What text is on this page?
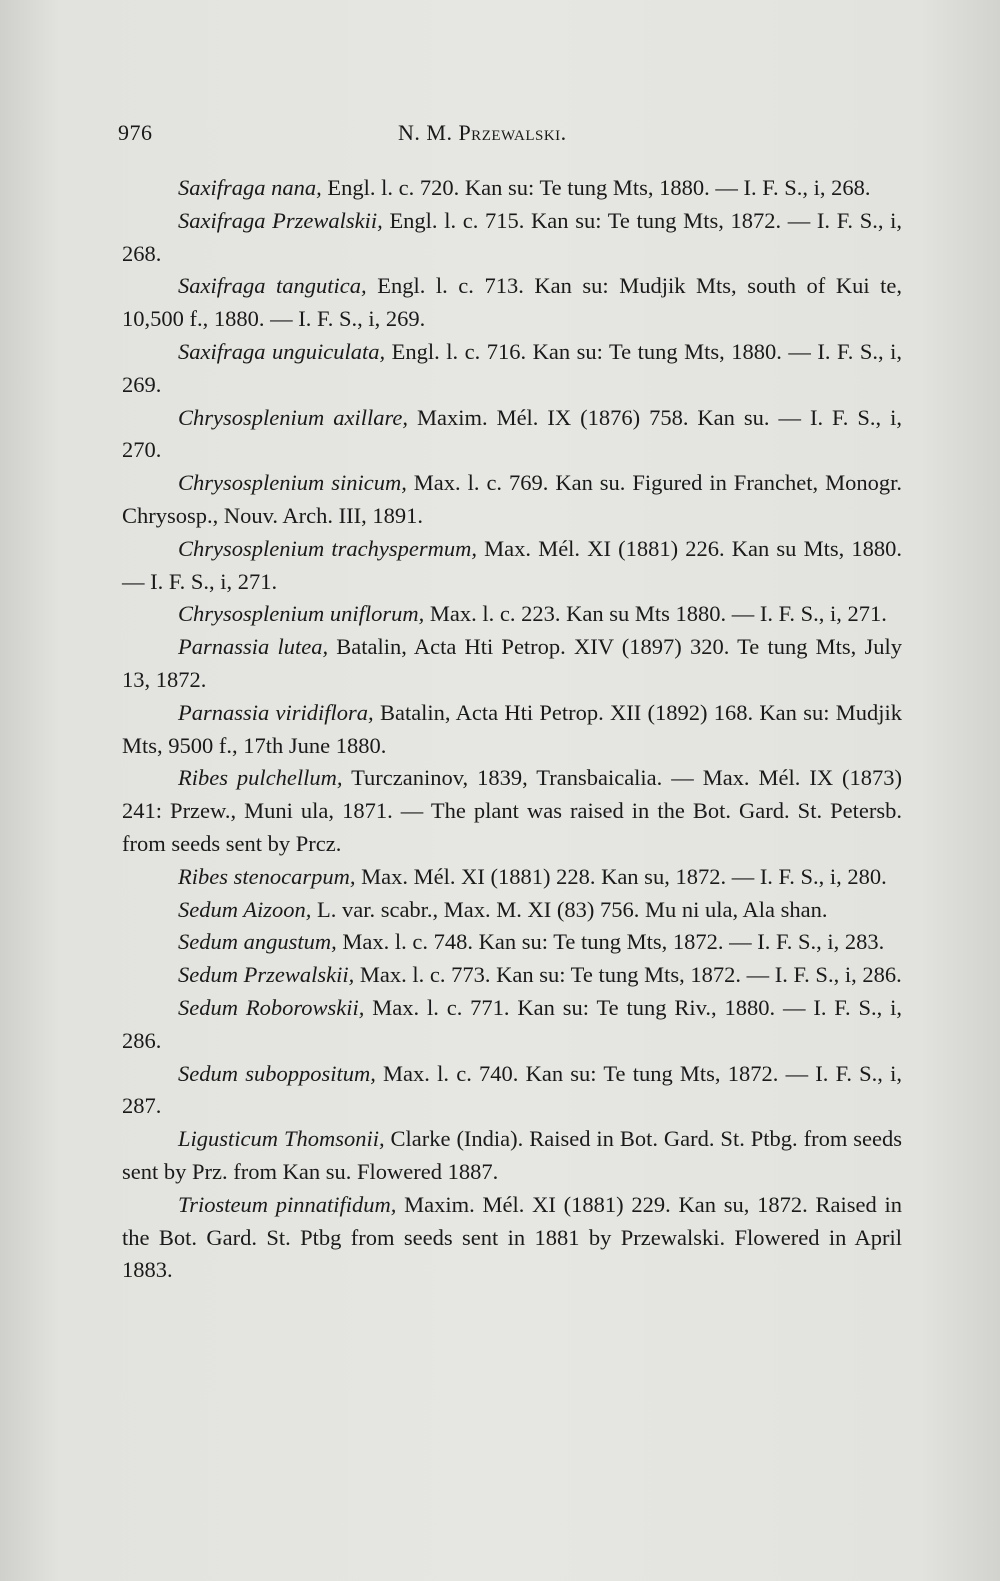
976	N. M. Przewalski.

Saxifraga nana, Engl. l. c. 720. Kan su: Te tung Mts, 1880. — I. F. S., i, 268.

Saxifraga Przewalskii, Engl. l. c. 715. Kan su: Te tung Mts, 1872. — I. F. S., i, 268.

Saxifraga tangutica, Engl. l. c. 713. Kan su: Mudjik Mts, south of Kui te, 10,500 f., 1880. — I. F. S., i, 269.

Saxifraga unguiculata, Engl. l. c. 716. Kan su: Te tung Mts, 1880. — I. F. S., i, 269.

Chrysosplenium axillare, Maxim. Mél. IX (1876) 758. Kan su. — I. F. S., i, 270.

Chrysosplenium sinicum, Max. l. c. 769. Kan su. Figured in Franchet, Monogr. Chrysosp., Nouv. Arch. III, 1891.

Chrysosplenium trachyspermum, Max. Mél. XI (1881) 226. Kan su Mts, 1880. — I. F. S., i, 271.

Chrysosplenium uniflorum, Max. l. c. 223. Kan su Mts 1880. — I. F. S., i, 271.

Parnassia lutea, Batalin, Acta Hti Petrop. XIV (1897) 320. Te tung Mts, July 13, 1872.

Parnassia viridiflora, Batalin, Acta Hti Petrop. XII (1892) 168. Kan su: Mudjik Mts, 9500 f., 17th June 1880.

Ribes pulchellum, Turczaninov, 1839, Transbaicalia. — Max. Mél. IX (1873) 241: Przew., Muni ula, 1871. — The plant was raised in the Bot. Gard. St. Petersb. from seeds sent by Prcz.

Ribes stenocarpum, Max. Mél. XI (1881) 228. Kan su, 1872. — I. F. S., i, 280.

Sedum Aizoon, L. var. scabr., Max. M. XI (83) 756. Mu ni ula, Ala shan.

Sedum angustum, Max. l. c. 748. Kan su: Te tung Mts, 1872. — I. F. S., i, 283.

Sedum Przewalskii, Max. l. c. 773. Kan su: Te tung Mts, 1872. — I. F. S., i, 286.

Sedum Roborowskii, Max. l. c. 771. Kan su: Te tung Riv., 1880. — I. F. S., i, 286.

Sedum suboppositum, Max. l. c. 740. Kan su: Te tung Mts, 1872. — I. F. S., i, 287.

Ligusticum Thomsonii, Clarke (India). Raised in Bot. Gard. St. Ptbg. from seeds sent by Prz. from Kan su. Flowered 1887.

Triosteum pinnatifidum, Maxim. Mél. XI (1881) 229. Kan su, 1872. Raised in the Bot. Gard. St. Ptbg from seeds sent in 1881 by Przewalski. Flowered in April 1883.
